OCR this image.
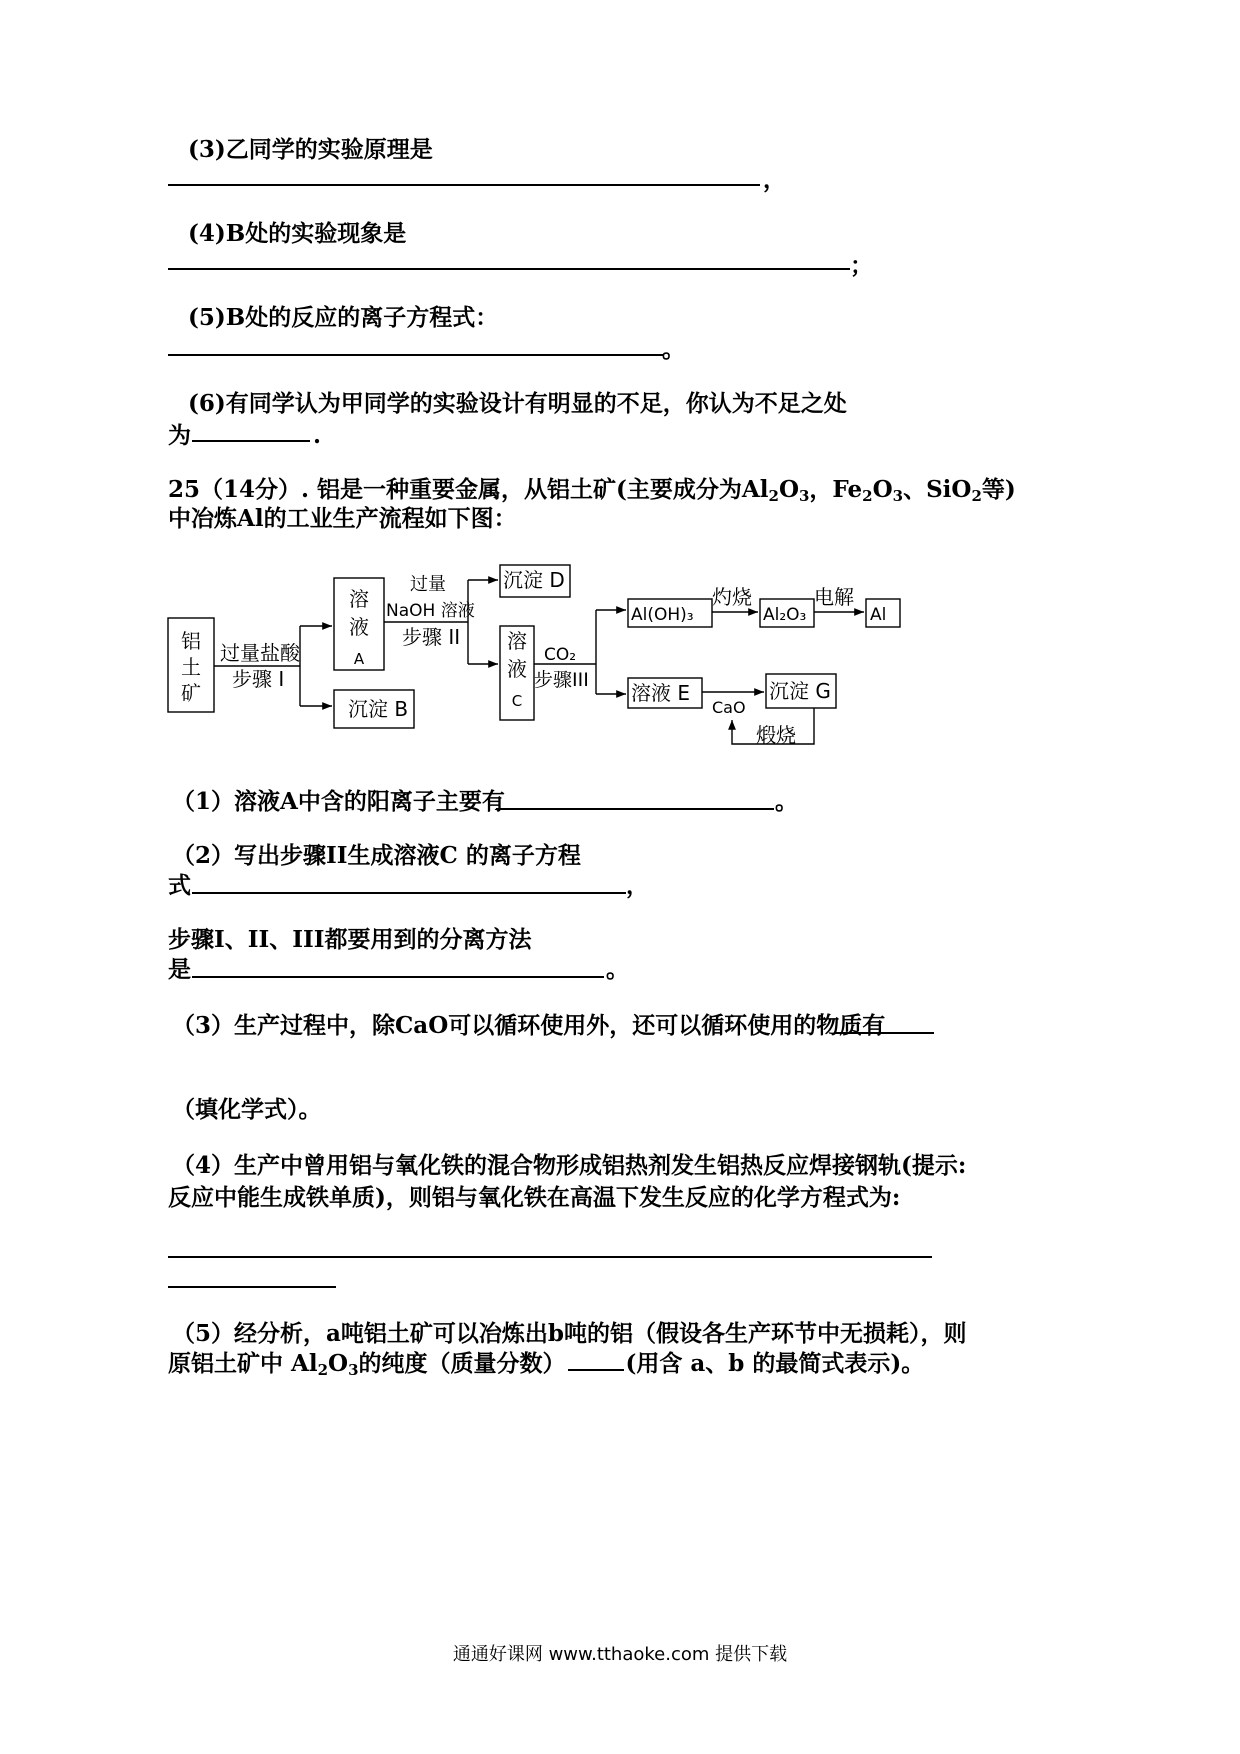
(3)乙同学的实验原理是
，
(4)B处的实验现象是
；
(5)B处的反应的离子方程式：
。
(6)有同学认为甲同学的实验设计有明显的不足，你认为不足之处
为	.
25（14分）. 铝是一种重要金属，从铝土矿(主要成分为$Al_2O_3$，$Fe_2O_3$、SiO$_2$等)
中冶炼Al的工业生产流程如下图：
铝
土
矿
过量盐酸
步骤 I
溶
液
A
沉淀 B
过量
NaOH 溶液
步骤 II
沉淀 D
溶
液
C
CO₂
步骤III
Al(OH)₃
灼烧
Al₂O₃
电解
Al
溶液 E
CaO
沉淀 G
煅烧
（1）溶液A中含的阳离子主要有	。
（2）写出步骤II生成溶液C 的离子方程
式	，
步骤I、II、III都要用到的分离方法
是	。
（3）生产过程中，除CaO可以循环使用外，还可以循环使用的物质有
（填化学式）。
（4）生产中曾用铝与氧化铁的混合物形成铝热剂发生铝热反应焊接钢轨(提示:
反应中能生成铁单质)，则铝与氧化铁在高温下发生反应的化学方程式为:
（5）经分析，a吨铝土矿可以冶炼出b吨的铝（假设各生产环节中无损耗），则
原铝土矿中 $Al_2O_3$的纯度（质量分数）	(用含 a、b 的最简式表示)。
通通好课网 www.tthaoke.com 提供下载
